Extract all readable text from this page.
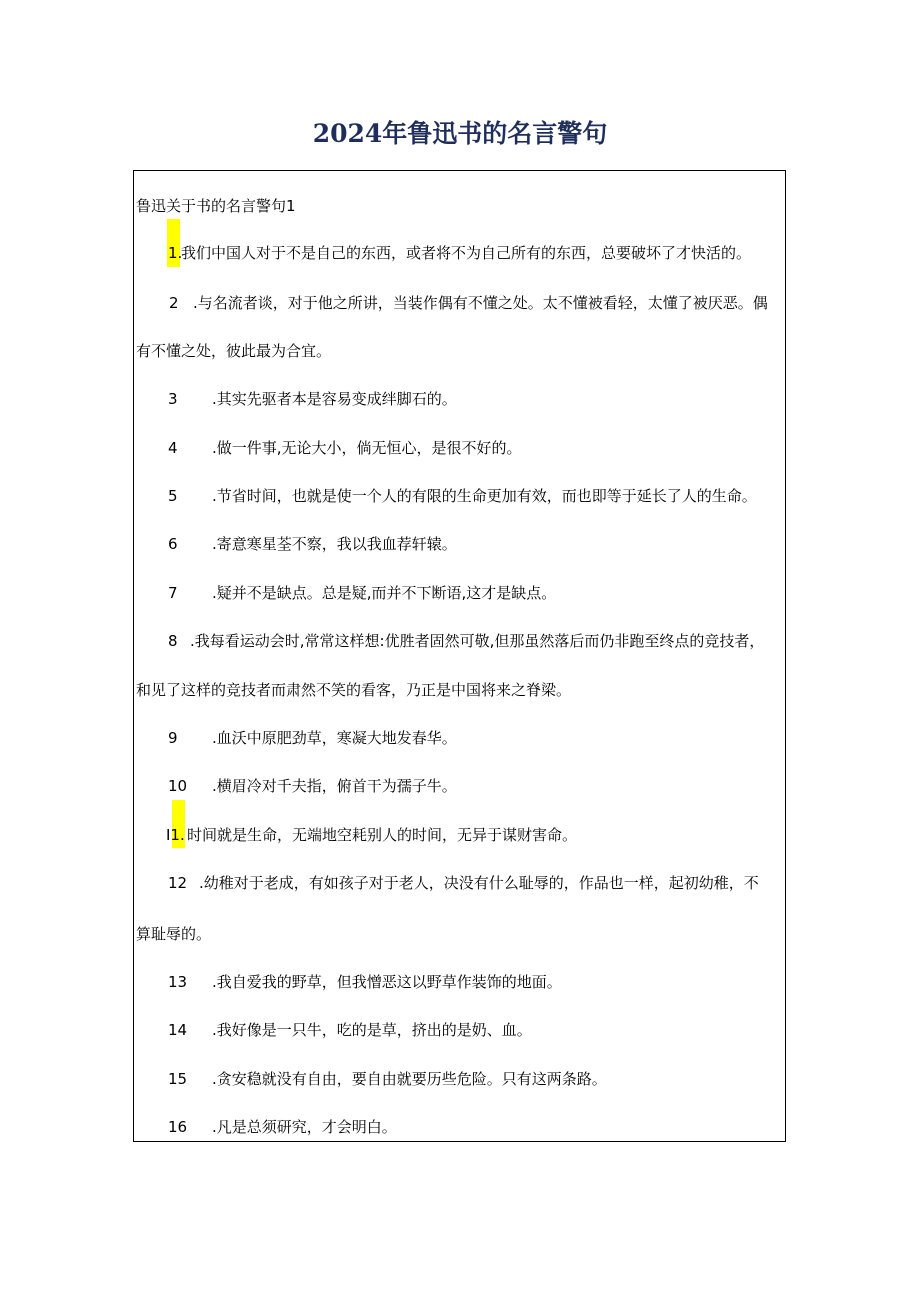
2024年鲁迅书的名言警句
鲁迅关于书的名言警句1
1.
我们中国人对于不是自己的东西，或者将不为自己所有的东西，总要破坏了才快活的。
2 .与名流者谈，对于他之所讲，当装作偶有不懂之处。太不懂被看轻，太懂了被厌恶。偶
有不懂之处，彼此最为合宜。
3 .其实先驱者本是容易变成绊脚石的。
4 .做一件事,无论大小，倘无恒心，是很不好的。
5 .节省时间，也就是使一个人的有限的生命更加有效，而也即等于延长了人的生命。
6 .寄意寒星荃不察，我以我血荐轩辕。
7 .疑并不是缺点。总是疑,而并不下断语,这才是缺点。
8 .我每看运动会时,常常这样想:优胜者固然可敬,但那虽然落后而仍非跑至终点的竞技者，
和见了这样的竞技者而肃然不笑的看客，乃正是中国将来之脊梁。
9 .血沃中原肥劲草，寒凝大地发春华。
10 .横眉冷对千夫指，俯首干为孺子牛。
I1. 时间就是生命，无端地空耗别人的时间，无异于谋财害命。
12 .幼稚对于老成，有如孩子对于老人，决没有什么耻辱的，作品也一样，起初幼稚，不
算耻辱的。
13 .我自爱我的野草，但我憎恶这以野草作装饰的地面。
14 .我好像是一只牛，吃的是草，挤出的是奶、血。
15 .贪安稳就没有自由，要自由就要历些危险。只有这两条路。
16 .凡是总须研究，才会明白。
